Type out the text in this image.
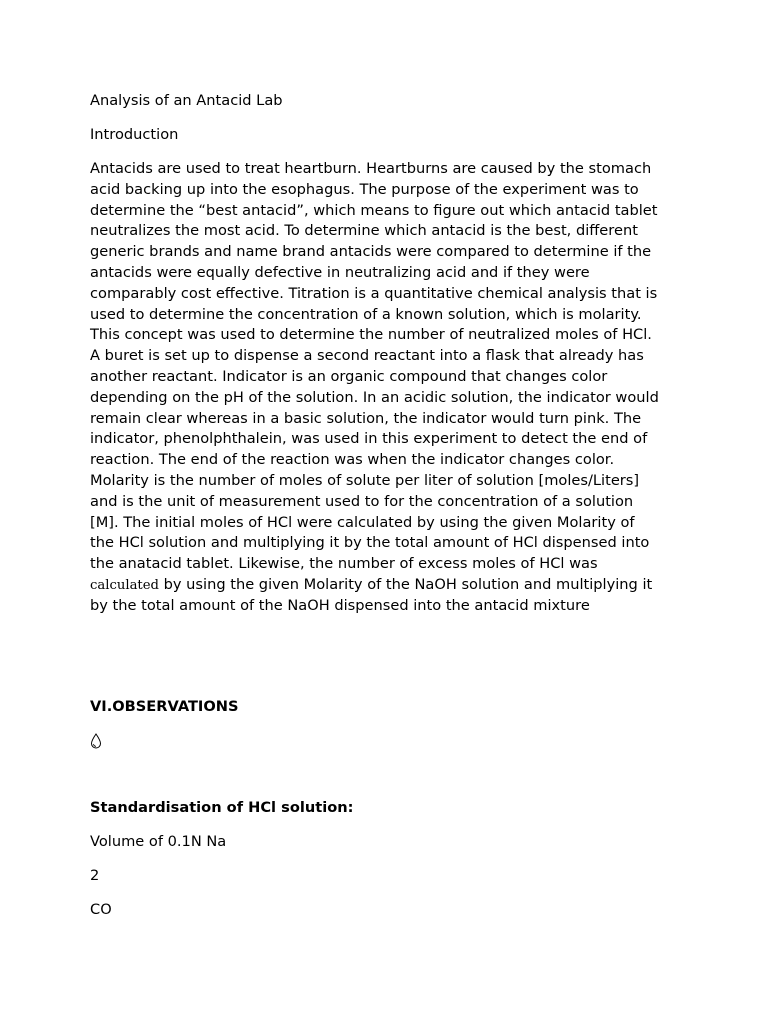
Analysis of an Antacid Lab
Introduction
Antacids are used to treat heartburn. Heartburns are caused by the stomach
acid backing up into the esophagus. The purpose of the experiment was to
determine the “best antacid”, which means to figure out which antacid tablet
neutralizes the most acid. To determine which antacid is the best, different
generic brands and name brand antacids were compared to determine if the
antacids were equally defective in neutralizing acid and if they were
comparably cost effective. Titration is a quantitative chemical analysis that is
used to determine the concentration of a known solution, which is molarity.
This concept was used to determine the number of neutralized moles of HCl.
A buret is set up to dispense a second reactant into a flask that already has
another reactant. Indicator is an organic compound that changes color
depending on the pH of the solution. In an acidic solution, the indicator would
remain clear whereas in a basic solution, the indicator would turn pink. The
indicator, phenolphthalein, was used in this experiment to detect the end of
reaction. The end of the reaction was when the indicator changes color.
Molarity is the number of moles of solute per liter of solution [moles/Liters]
and is the unit of measurement used to for the concentration of a solution
[M]. The initial moles of HCl were calculated by using the given Molarity of
the HCl solution and multiplying it by the total amount of HCl dispensed into
the anatacid tablet. Likewise, the number of excess moles of HCl was
calculated by using the given Molarity of the NaOH solution and multiplying it
by the total amount of the NaOH dispensed into the antacid mixture
VI.OBSERVATIONS
Standardisation of HCl solution:
Volume of 0.1N Na
2
CO
